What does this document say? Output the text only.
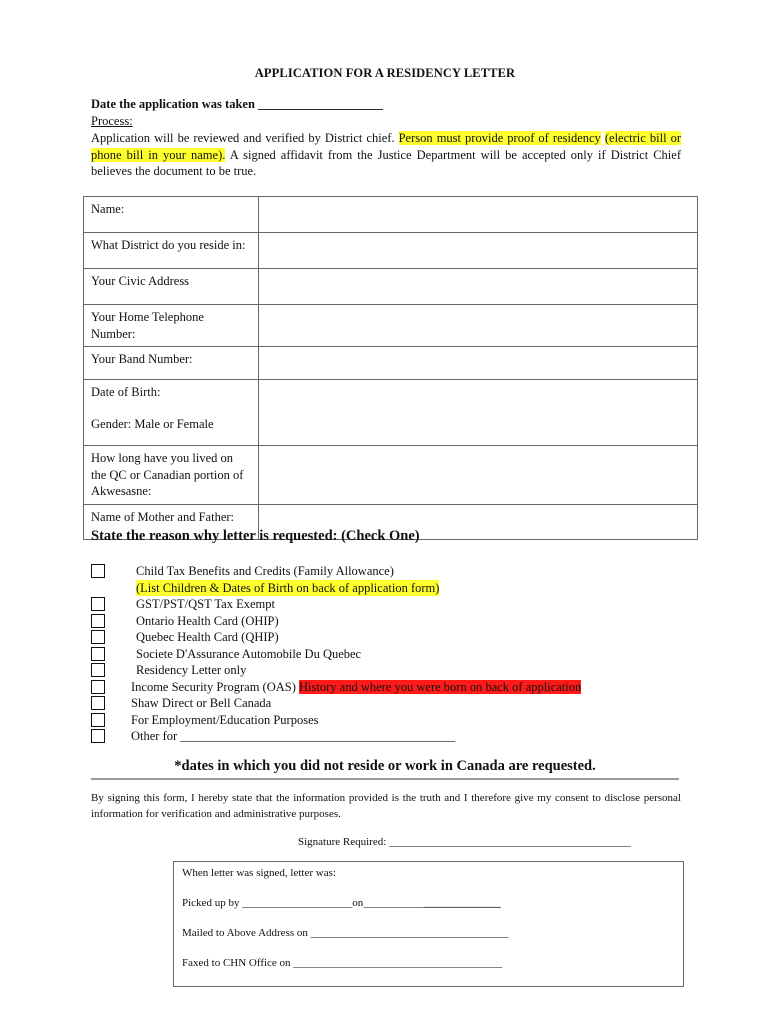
APPLICATION FOR A RESIDENCY LETTER
Date the application was taken ____________________
Process:
Application will be reviewed and verified by District chief. Person must provide proof of residency (electric bill or phone bill in your name). A signed affidavit from the Justice Department will be accepted only if District Chief believes the document to be true.
Name:	
What District do you reside in:	
Your Civic Address	
Your Home Telephone Number:	
Your Band Number:	
Date of Birth:	
Gender: Male or Female	
How long have you lived on the QC or Canadian portion of Akwesasne:	
Name of Mother and Father:	
State the reason why letter is requested: (Check One)
Child Tax Benefits and Credits (Family Allowance)
(List Children & Dates of Birth on back of application form)
GST/PST/QST Tax Exempt
Ontario Health Card (OHIP)
Quebec Health Card (QHIP)
Societe D'Assurance Automobile Du Quebec
Residency Letter only
Income Security Program (OAS) History and where you were born on back of application
Shaw Direct or Bell Canada
For Employment/Education Purposes
Other for ____________________________________________
*dates in which you did not reside or work in Canada are requested.
By signing this form, I hereby state that the information provided is the truth and I therefore give my consent to disclose personal information for verification and administrative purposes.
Signature Required: ____________________________________________
When letter was signed, letter was:
Picked up by ____________________on_________________________
Mailed to Above Address on ____________________________________
Faxed to CHN Office on ______________________________________
